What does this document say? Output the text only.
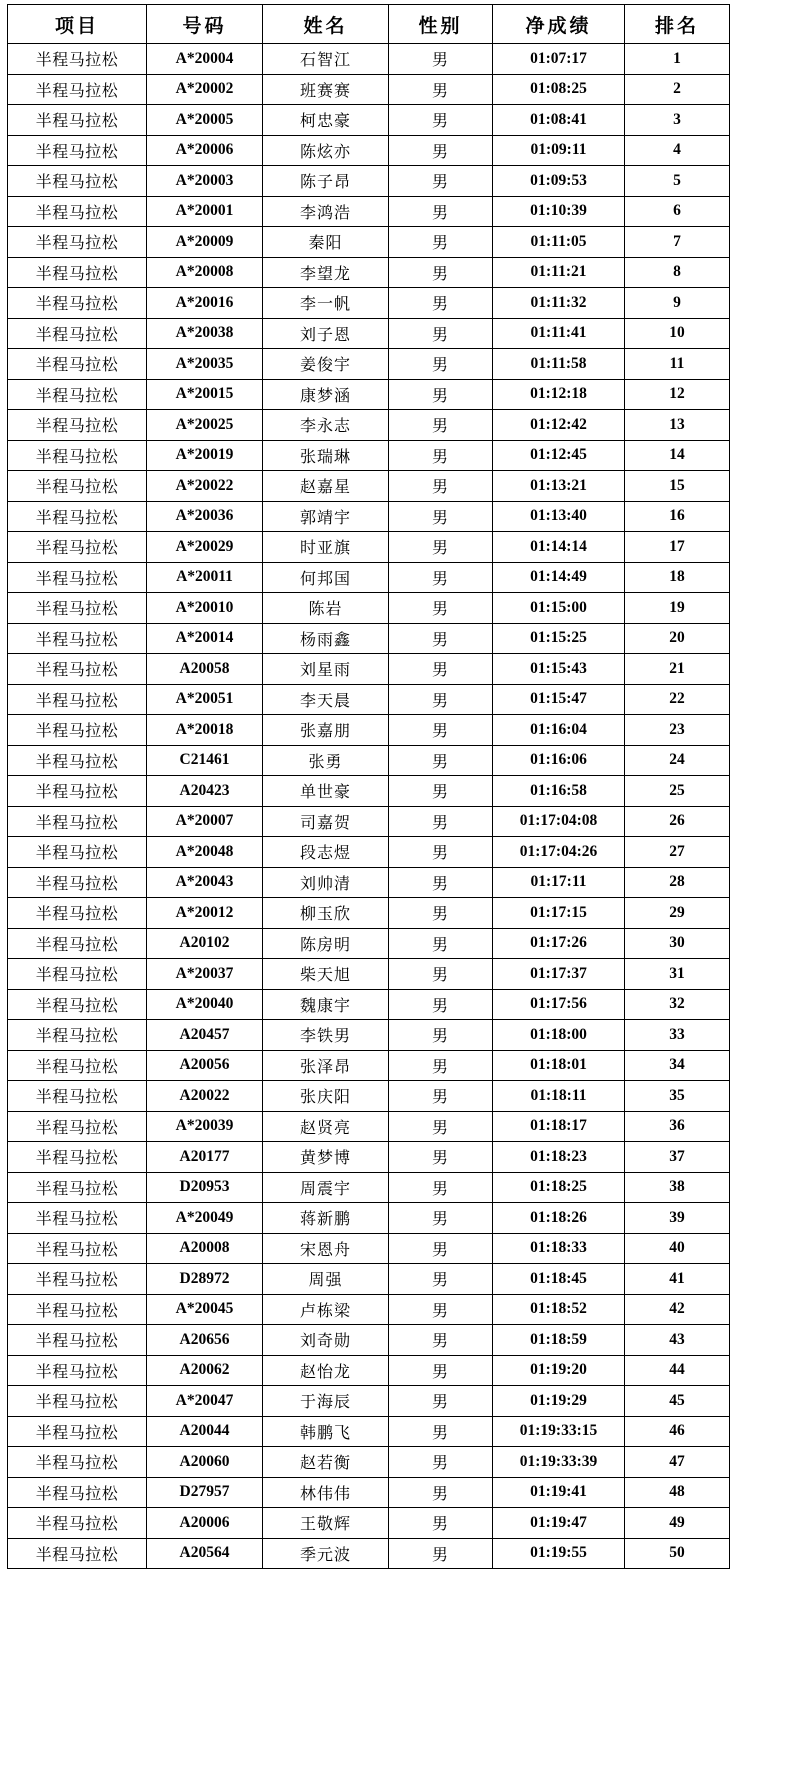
项目	号码	姓名	性别	净成绩	排名
半程马拉松	A*20004	石智江	男	01:07:17	1
半程马拉松	A*20002	班赛赛	男	01:08:25	2
半程马拉松	A*20005	柯忠豪	男	01:08:41	3
半程马拉松	A*20006	陈炫亦	男	01:09:11	4
半程马拉松	A*20003	陈子昂	男	01:09:53	5
半程马拉松	A*20001	李鸿浩	男	01:10:39	6
半程马拉松	A*20009	秦阳	男	01:11:05	7
半程马拉松	A*20008	李望龙	男	01:11:21	8
半程马拉松	A*20016	李一帆	男	01:11:32	9
半程马拉松	A*20038	刘子恩	男	01:11:41	10
半程马拉松	A*20035	姜俊宇	男	01:11:58	11
半程马拉松	A*20015	康梦涵	男	01:12:18	12
半程马拉松	A*20025	李永志	男	01:12:42	13
半程马拉松	A*20019	张瑞琳	男	01:12:45	14
半程马拉松	A*20022	赵嘉星	男	01:13:21	15
半程马拉松	A*20036	郭靖宇	男	01:13:40	16
半程马拉松	A*20029	时亚旗	男	01:14:14	17
半程马拉松	A*20011	何邦国	男	01:14:49	18
半程马拉松	A*20010	陈岩	男	01:15:00	19
半程马拉松	A*20014	杨雨鑫	男	01:15:25	20
半程马拉松	A20058	刘星雨	男	01:15:43	21
半程马拉松	A*20051	李天晨	男	01:15:47	22
半程马拉松	A*20018	张嘉朋	男	01:16:04	23
半程马拉松	C21461	张勇	男	01:16:06	24
半程马拉松	A20423	单世豪	男	01:16:58	25
半程马拉松	A*20007	司嘉贺	男	01:17:04:08	26
半程马拉松	A*20048	段志煜	男	01:17:04:26	27
半程马拉松	A*20043	刘帅清	男	01:17:11	28
半程马拉松	A*20012	柳玉欣	男	01:17:15	29
半程马拉松	A20102	陈房明	男	01:17:26	30
半程马拉松	A*20037	柴天旭	男	01:17:37	31
半程马拉松	A*20040	魏康宇	男	01:17:56	32
半程马拉松	A20457	李铁男	男	01:18:00	33
半程马拉松	A20056	张泽昂	男	01:18:01	34
半程马拉松	A20022	张庆阳	男	01:18:11	35
半程马拉松	A*20039	赵贤亮	男	01:18:17	36
半程马拉松	A20177	黄梦博	男	01:18:23	37
半程马拉松	D20953	周震宇	男	01:18:25	38
半程马拉松	A*20049	蒋新鹏	男	01:18:26	39
半程马拉松	A20008	宋恩舟	男	01:18:33	40
半程马拉松	D28972	周强	男	01:18:45	41
半程马拉松	A*20045	卢栋梁	男	01:18:52	42
半程马拉松	A20656	刘奇勋	男	01:18:59	43
半程马拉松	A20062	赵怡龙	男	01:19:20	44
半程马拉松	A*20047	于海辰	男	01:19:29	45
半程马拉松	A20044	韩鹏飞	男	01:19:33:15	46
半程马拉松	A20060	赵若衡	男	01:19:33:39	47
半程马拉松	D27957	林伟伟	男	01:19:41	48
半程马拉松	A20006	王敬辉	男	01:19:47	49
半程马拉松	A20564	季元波	男	01:19:55	50
